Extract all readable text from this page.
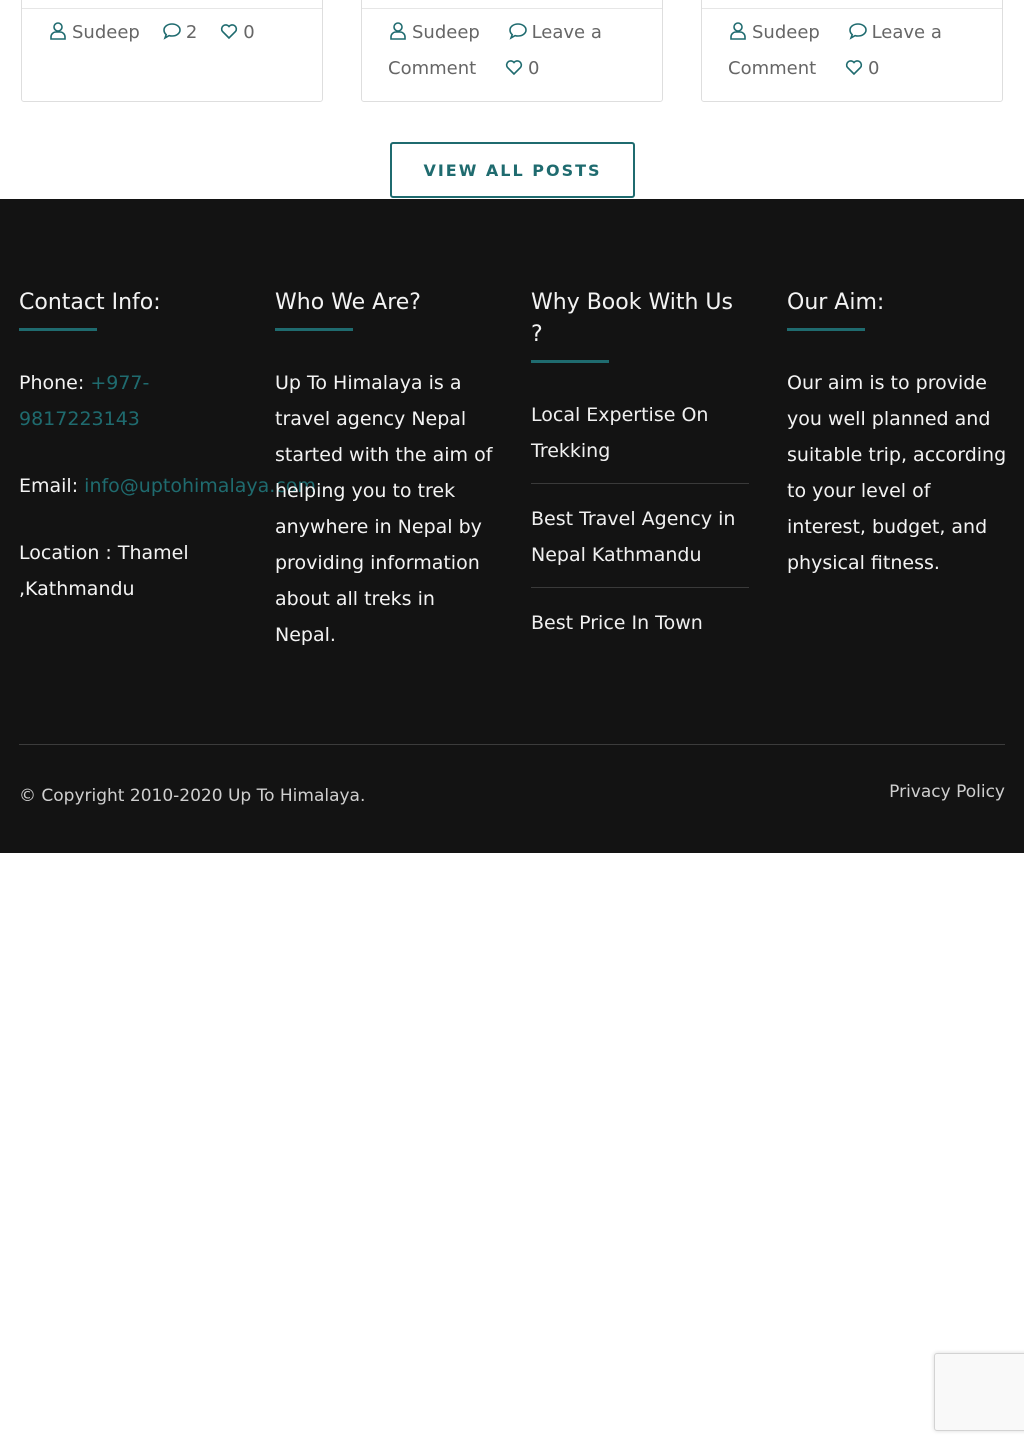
Sudeep	2	0	Sudeep	Leave a Comment	0
Sudeep	Leave a Comment	0
VIEW ALL POSTS
Contact Info:

Phone: +977-9817223143

Email: info@uptohimalaya.com

Location : Thamel ,Kathmandu

Who We Are?

Up To Himalaya is a travel agency Nepal started with the aim of helping you to trek anywhere in Nepal by providing information about all treks in Nepal.

Why Book With Us ?
Local Expertise On Trekking
Best Travel Agency in Nepal Kathmandu
Best Price In Town
Our Aim:

Our aim is to provide you well planned and suitable trip, according to your level of interest, budget, and physical fitness.

© Copyright 2010-2020 Up To Himalaya.	Privacy Policy
